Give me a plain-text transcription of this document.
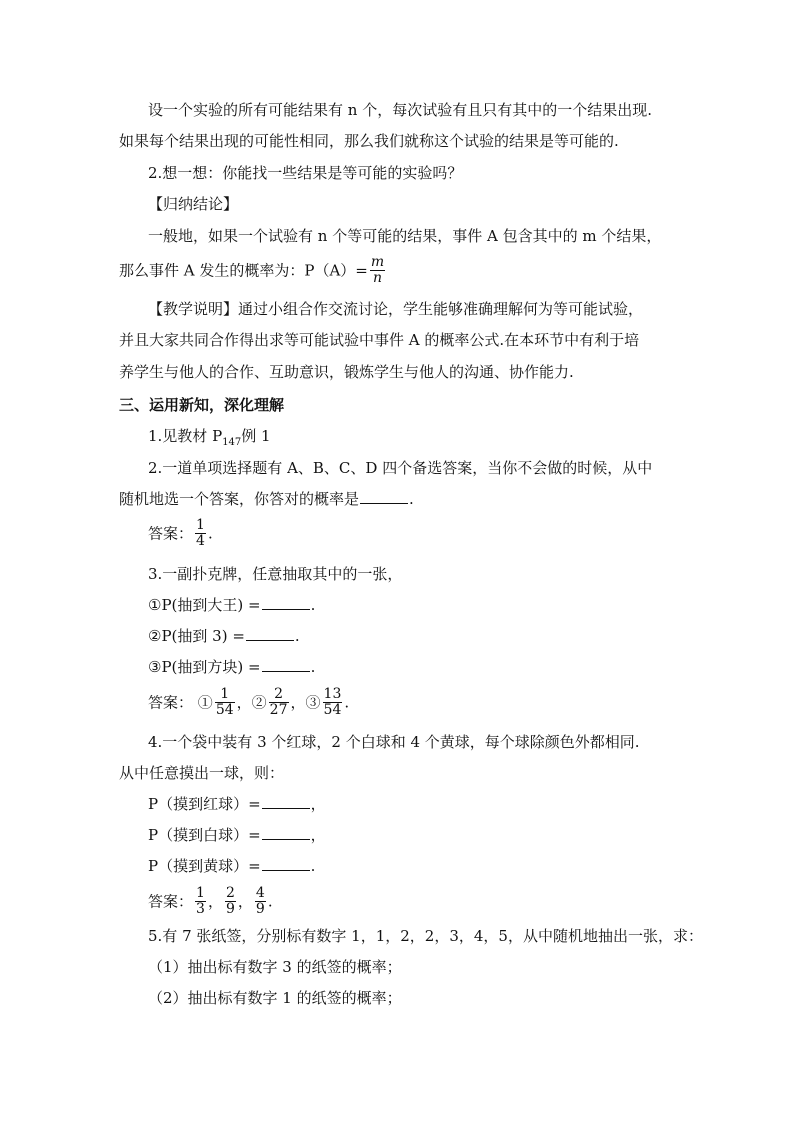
设一个实验的所有可能结果有 n 个，每次试验有且只有其中的一个结果出现.
如果每个结果出现的可能性相同，那么我们就称这个试验的结果是等可能的.
2.想一想：你能找一些结果是等可能的实验吗？
【归纳结论】
一般地，如果一个试验有 n 个等可能的结果，事件 A 包含其中的 m 个结果，
那么事件 A 发生的概率为：$P(A)= \frac{m}{n}$
【教学说明】通过小组合作交流讨论，学生能够准确理解何为等可能试验，
并且大家共同合作得出求等可能试验中事件 A 的概率公式.在本环节中有利于培
养学生与他人的合作、互助意识，锻炼学生与他人的沟通、协作能力.
三、运用新知，深化理解
1.见教材 $P_{147}$例 1
2.一道单项选择题有 A、B、C、D 四个备选答案，当你不会做的时候，从中
随机地选一个答案，你答对的概率是	.
答案： $\frac{1}{4}$ .
3.一副扑克牌，任意抽取其中的一张，
①P(抽到大王) =	.
②P(抽到 3) =	.
③P(抽到方块) =	.
答案： ① $\frac{1}{54}$ ，② $\frac{2}{27}$ ，③ $\frac{13}{54}$ .
4.一个袋中装有 3 个红球，2 个白球和 4 个黄球，每个球除颜色外都相同.
从中任意摸出一球，则：
P（摸到红球）=	，
P（摸到白球）=	，
P（摸到黄球）=	.
答案： $\frac{1}{3}$ ， $\frac{2}{9}$ ， $\frac{4}{9}$ .
5.有 7 张纸签，分别标有数字 1，1，2，2，3，4，5，从中随机地抽出一张，求：
（1）抽出标有数字 3 的纸签的概率；
（2）抽出标有数字 1 的纸签的概率；
